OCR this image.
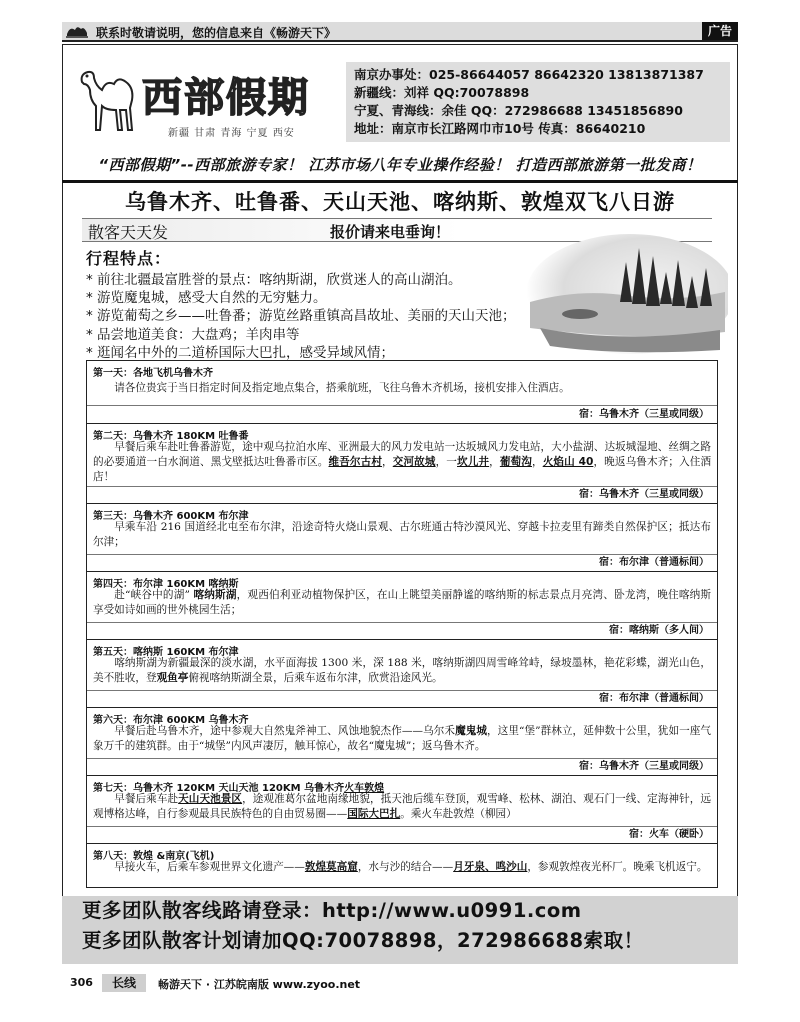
联系时敬请说明，您的信息来自《畅游天下》	广告
西部假期
新疆 甘肃 青海 宁夏 西安
南京办事处：025-86644057 86642320 13813871387
新疆线：刘祥 QQ:70078898
宁夏、青海线：余佳 QQ：272986688 13451856890
地址：南京市长江路网巾市10号 传真：86640210
“西部假期”--西部旅游专家！ 江苏市场八年专业操作经验！ 打造西部旅游第一批发商！
乌鲁木齐、吐鲁番、天山天池、喀纳斯、敦煌双飞八日游
散客天天发	报价请来电垂询！
行程特点：
* 前往北疆最富胜誉的景点：喀纳斯湖，欣赏迷人的高山湖泊。
* 游览魔鬼城，感受大自然的无穷魅力。
* 游览葡萄之乡——吐鲁番；游览丝路重镇高昌故址、美丽的天山天池；
* 品尝地道美食：大盘鸡；羊肉串等
* 逛闻名中外的二道桥国际大巴扎，感受异域风情；
第一天：各地飞机乌鲁木齐
请各位贵宾于当日指定时间及指定地点集合，搭乘航班，飞往乌鲁木齐机场，接机安排入住酒店。
宿：乌鲁木齐（三星或同级）
第二天：乌鲁木齐 180KM 吐鲁番
早餐后乘车赴吐鲁番游览，途中观乌拉泊水库、亚洲最大的风力发电站一达坂城风力发电站，大小盐湖、达坂城湿地、丝绸之路的必要通道一白水涧道、黑戈壁抵达吐鲁番市区。维吾尔古村，交河故城，一坎儿井，葡萄沟，火焰山 40，晚返乌鲁木齐；入住酒店！
宿：乌鲁木齐（三星或同级）
第三天：乌鲁木齐 600KM 布尔津
早乘车沿 216 国道经北屯至布尔津，沿途奇特火烧山景观、古尔班通古特沙漠风光、穿越卡拉麦里有蹄类自然保护区；抵达布尔津；
宿：布尔津（普通标间）
第四天：布尔津 160KM 喀纳斯
赴“峡谷中的湖” 喀纳斯湖，观西伯利亚动植物保护区，在山上眺望美丽静谧的喀纳斯的标志景点月亮湾、卧龙湾，晚住喀纳斯享受如诗如画的世外桃园生活；
宿：喀纳斯（多人间）
第五天：喀纳斯 160KM 布尔津
喀纳斯湖为新疆最深的淡水湖，水平面海拔 1300 米，深 188 米，喀纳斯湖四周雪峰耸峙，绿坡墨林，艳花彩蝶，湖光山色，美不胜收，登观鱼亭俯视喀纳斯湖全景，后乘车返布尔津，欣赏沿途风光。
宿：布尔津（普通标间）
第六天：布尔津 600KM 乌鲁木齐
早餐后赴乌鲁木齐，途中参观大自然鬼斧神工、风蚀地貌杰作——乌尔禾魔鬼城，这里“堡”群林立，延伸数十公里，犹如一座气象万千的建筑群。由于“城堡”内风声凄厉，触耳惊心，故名“魔鬼城”；返乌鲁木齐。
宿：乌鲁木齐（三星或同级）
第七天：乌鲁木齐 120KM 天山天池 120KM 乌鲁木齐火车敦煌
早餐后乘车赴天山天池景区，途观准葛尔盆地南缘地貌，抵天池后缆车登顶，观雪峰、松林、湖泊、观石门一线、定海神针，远观博格达峰，自行参观最具民族特色的自由贸易圈——国际大巴扎。乘火车赴敦煌（柳园）
宿：火车（硬卧）
第八天：敦煌 &南京(飞机)
早接火车，后乘车参观世界文化遗产——敦煌莫高窟，水与沙的结合——月牙泉、鸣沙山，参观敦煌夜光杯厂。晚乘飞机返宁。
更多团队散客线路请登录：http://www.u0991.com
更多团队散客计划请加QQ:70078898，272986688索取！
306	长线	畅游天下 · 江苏皖南版 www.zyoo.net
